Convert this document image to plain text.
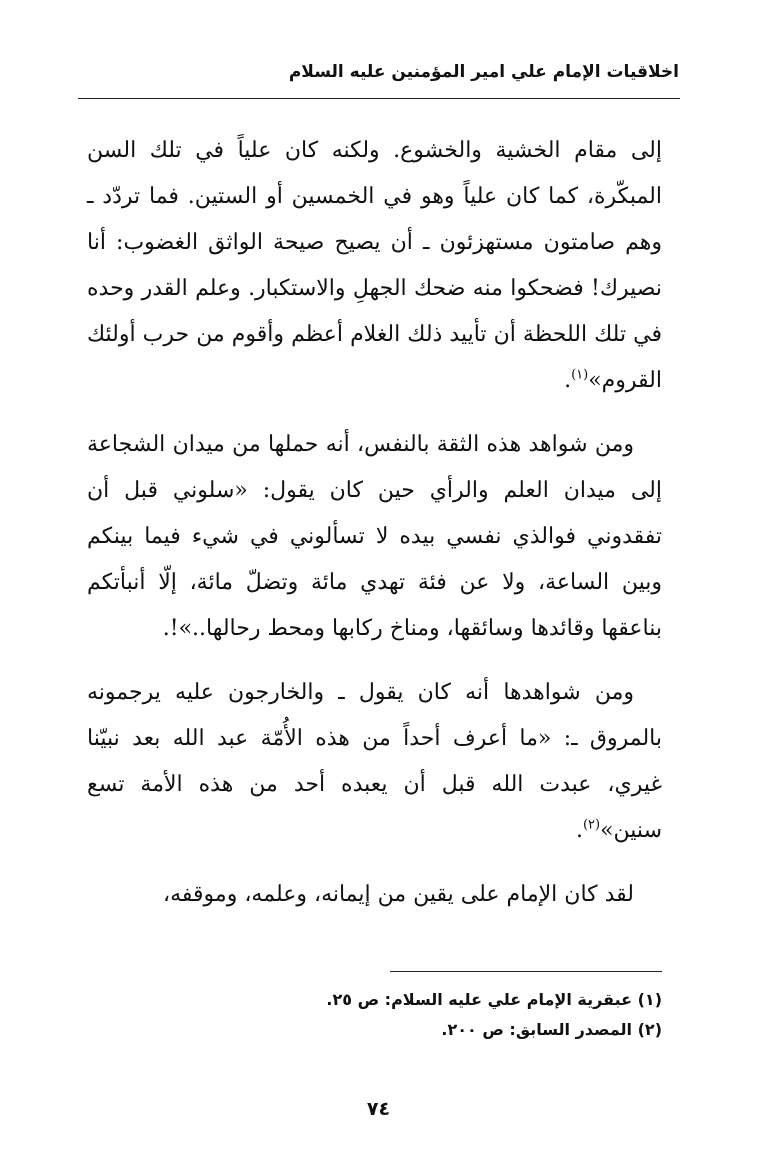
اخلاقيات الإمام علي امير المؤمنين عليه السلام

إلى مقام الخشية والخشوع. ولكنه كان علياً في تلك السن المبكّرة، كما كان علياً وهو في الخمسين أو الستين. فما تردّد ـ وهم صامتون مستهزئون ـ أن يصيح صيحة الواثق الغضوب: أنا نصيرك! فضحكوا منه ضحك الجهلِ والاستكبار. وعلم القدر وحده في تلك اللحظة أن تأييد ذلك الغلام أعظم وأقوم من حرب أولئك القروم»$^{(١)}$.

ومن شواهد هذه الثقة بالنفس، أنه حملها من ميدان الشجاعة إلى ميدان العلم والرأي حين كان يقول: «سلوني قبل أن تفقدوني فوالذي نفسي بيده لا تسألوني في شيء فيما بينكم وبين الساعة، ولا عن فئة تهدي مائة وتضلّ مائة، إلّا أنبأتكم بناعقها وقائدها وسائقها، ومناخ ركابها ومحط رحالها..»!.

ومن شواهدها أنه كان يقول ـ والخارجون عليه يرجمونه بالمروق ـ: «ما أعرف أحداً من هذه الأُمّة عبد الله بعد نبيّنا غيري، عبدت الله قبل أن يعبده أحد من هذه الأمة تسع سنين»$^{(٢)}$.

لقد كان الإمام على يقين من إيمانه، وعلمه، وموقفه،

(١) عبقرية الإمام علي عليه السلام: ص ٢٥.

(٢) المصدر السابق: ص ٢٠٠.

٧٤
